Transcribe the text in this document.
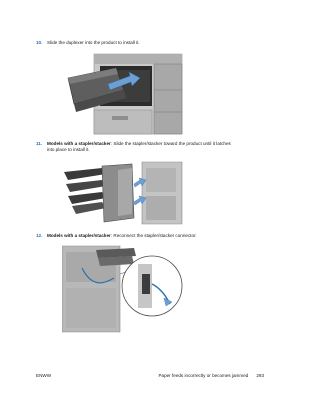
10. Slide the duplexer into the product to install it.
11. Models with a stapler/stacker: Slide the stapler/stacker toward the product until it latches
into place to install it.
12. Models with a stapler/stacker: Reconnect the stapler/stacker connector.
ENWW	Paper feeds incorrectly or becomes jammed 293
